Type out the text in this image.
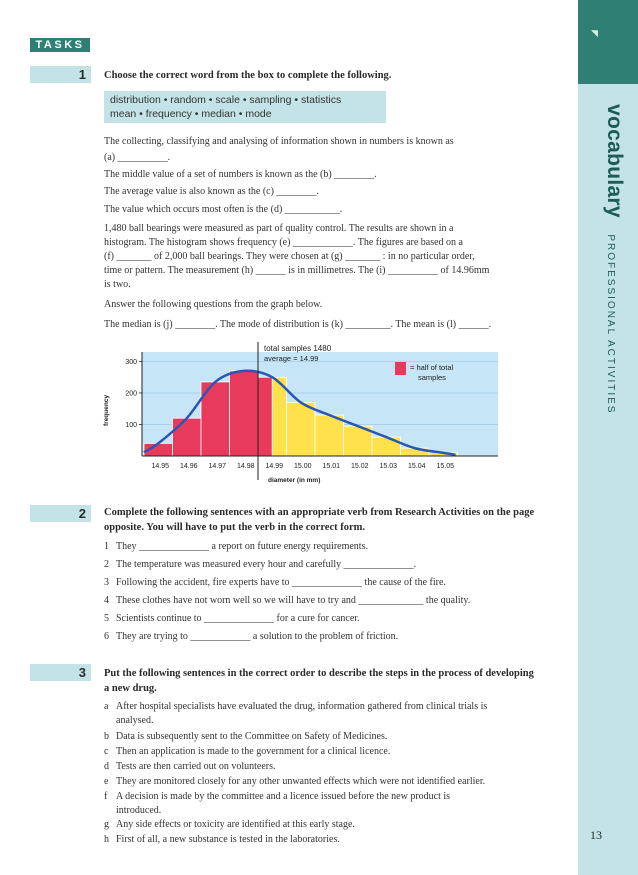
◥
vocabulary PROFESSIONAL ACTIVITIES
13
TASKS
1 Choose the correct word from the box to complete the following.
distribution • random • scale • sampling • statistics
mean • frequency • median • mode
The collecting, classifying and analysing of information shown in numbers is known as
(a) __________.
The middle value of a set of numbers is known as the (b) ________.
The average value is also known as the (c) ________.
The value which occurs most often is the (d) ___________.
1,480 ball bearings were measured as part of quality control. The results are shown in a
histogram. The histogram shows frequency (e) ____________. The figures are based on a
(f) _______ of 2,000 ball bearings. They were chosen at (g) _______ : in no particular order,
time or pattern. The measurement (h) ______ is in millimetres. The (i) __________ of 14.96mm
is two.
Answer the following questions from the graph below.
The median is (j) ________. The mode of distribution is (k) _________. The mean is (l) ______.
100
200
300
14.95 14.96 14.97 14.98 14.99 15.00 15.01 15.02 15.03 15.04 15.05
frequency
diameter (in mm)
total samples 1480
average = 14.99
= half of total
samples
2 Complete the following sentences with an appropriate verb from Research Activities on the page
opposite. You will have to put the verb in the correct form.
1 They ______________ a report on future energy requirements.
2 The temperature was measured every hour and carefully ______________.
3 Following the accident, fire experts have to ______________ the cause of the fire.
4 These clothes have not worn well so we will have to try and _____________ the quality.
5 Scientists continue to ______________ for a cure for cancer.
6 They are trying to ____________ a solution to the problem of friction.
3 Put the following sentences in the correct order to describe the steps in the process of developing
a new drug.
a After hospital specialists have evaluated the drug, information gathered from clinical trials is
analysed.
b Data is subsequently sent to the Committee on Safety of Medicines.
c Then an application is made to the government for a clinical licence.
d Tests are then carried out on volunteers.
e They are monitored closely for any other unwanted effects which were not identified earlier.
f A decision is made by the committee and a licence issued before the new product is
introduced.
g Any side effects or toxicity are identified at this early stage.
h First of all, a new substance is tested in the laboratories.
